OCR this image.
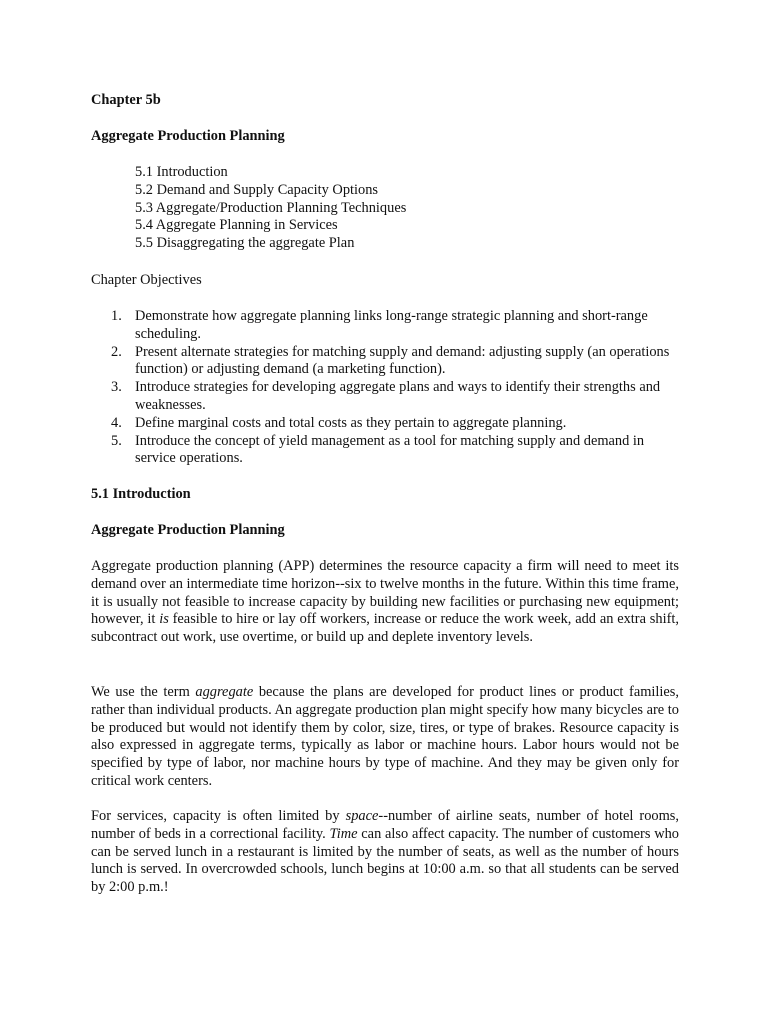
Chapter 5b

Aggregate Production Planning

5.1 Introduction
5.2 Demand and Supply Capacity Options
5.3 Aggregate/Production Planning Techniques
5.4 Aggregate Planning in Services
5.5 Disaggregating the aggregate Plan

Chapter Objectives

1. Demonstrate how aggregate planning links long-range strategic planning and short-range scheduling.
2. Present alternate strategies for matching supply and demand: adjusting supply (an operations function) or adjusting demand (a marketing function).
3. Introduce strategies for developing aggregate plans and ways to identify their strengths and weaknesses.
4. Define marginal costs and total costs as they pertain to aggregate planning.
5. Introduce the concept of yield management as a tool for matching supply and demand in service operations.

5.1 Introduction

Aggregate Production Planning

Aggregate production planning (APP) determines the resource capacity a firm will need to meet its demand over an intermediate time horizon--six to twelve months in the future. Within this time frame, it is usually not feasible to increase capacity by building new facilities or purchasing new equipment; however, it is feasible to hire or lay off workers, increase or reduce the work week, add an extra shift, subcontract out work, use overtime, or build up and deplete inventory levels.

We use the term aggregate because the plans are developed for product lines or product families, rather than individual products. An aggregate production plan might specify how many bicycles are to be produced but would not identify them by color, size, tires, or type of brakes. Resource capacity is also expressed in aggregate terms, typically as labor or machine hours. Labor hours would not be specified by type of labor, nor machine hours by type of machine. And they may be given only for critical work centers.

For services, capacity is often limited by space--number of airline seats, number of hotel rooms, number of beds in a correctional facility. Time can also affect capacity. The number of customers who can be served lunch in a restaurant is limited by the number of seats, as well as the number of hours lunch is served. In overcrowded schools, lunch begins at 10:00 a.m. so that all students can be served by 2:00 p.m.!
